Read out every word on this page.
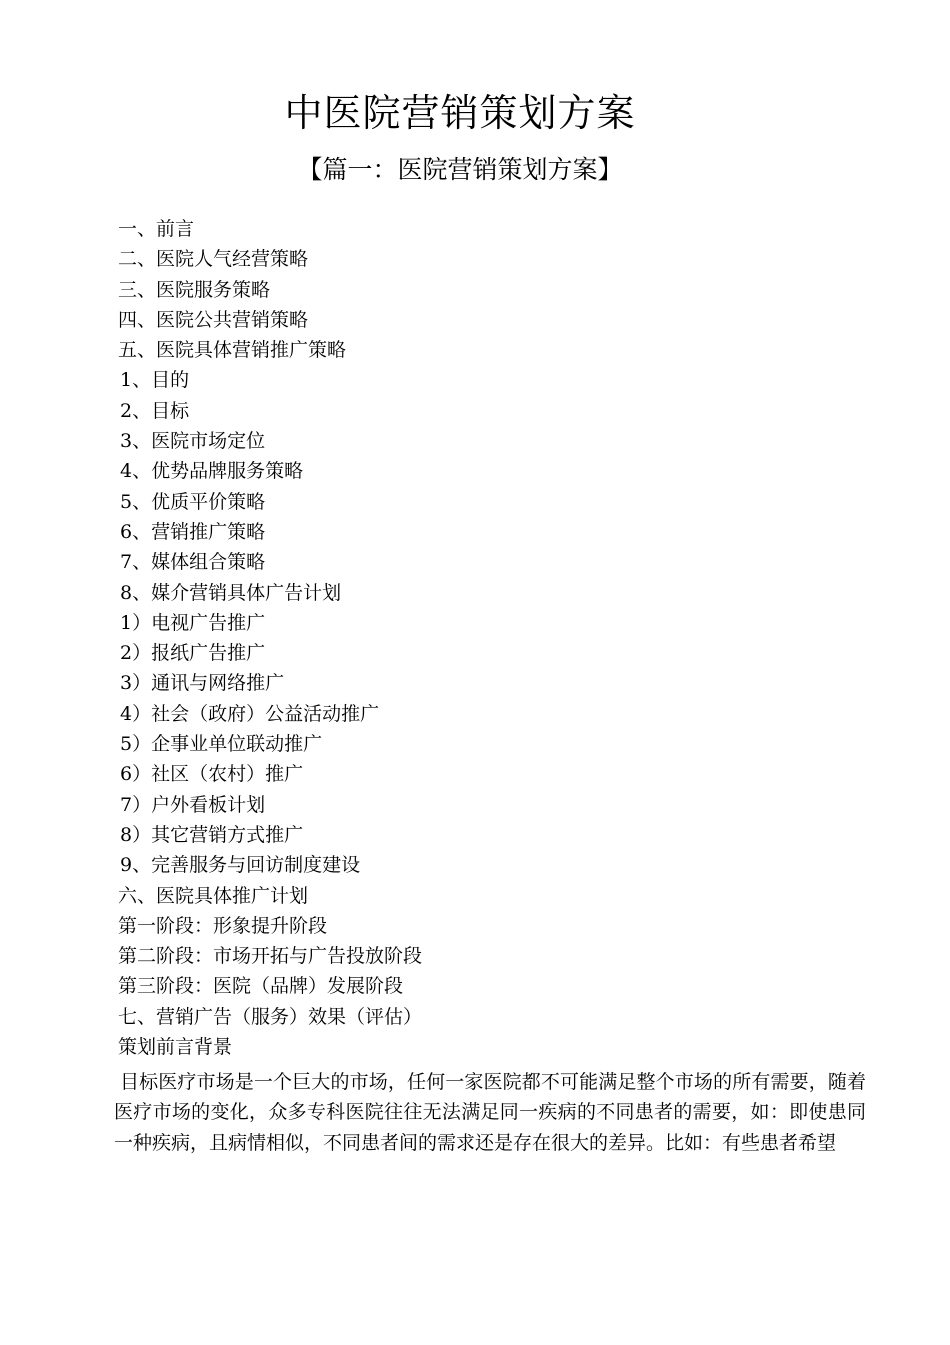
中医院营销策划方案
【篇一：医院营销策划方案】
一、前言
二、医院人气经营策略
三、医院服务策略
四、医院公共营销策略
五、医院具体营销推广策略
1、目的
2、目标
3、医院市场定位
4、优势品牌服务策略
5、优质平价策略
6、营销推广策略
7、媒体组合策略
8、媒介营销具体广告计划
1）电视广告推广
2）报纸广告推广
3）通讯与网络推广
4）社会（政府）公益活动推广
5）企事业单位联动推广
6）社区（农村）推广
7）户外看板计划
8）其它营销方式推广
9、完善服务与回访制度建设
六、医院具体推广计划
第一阶段：形象提升阶段
第二阶段：市场开拓与广告投放阶段
第三阶段：医院（品牌）发展阶段
七、营销广告（服务）效果（评估）
策划前言背景

目标医疗市场是一个巨大的市场，任何一家医院都不可能满足整个市场的所有需要，随着医疗市场的变化，众多专科医院往往无法满足同一疾病的不同患者的需要，如：即使患同一种疾病，且病情相似，不同患者间的需求还是存在很大的差异。比如：有些患者希望
